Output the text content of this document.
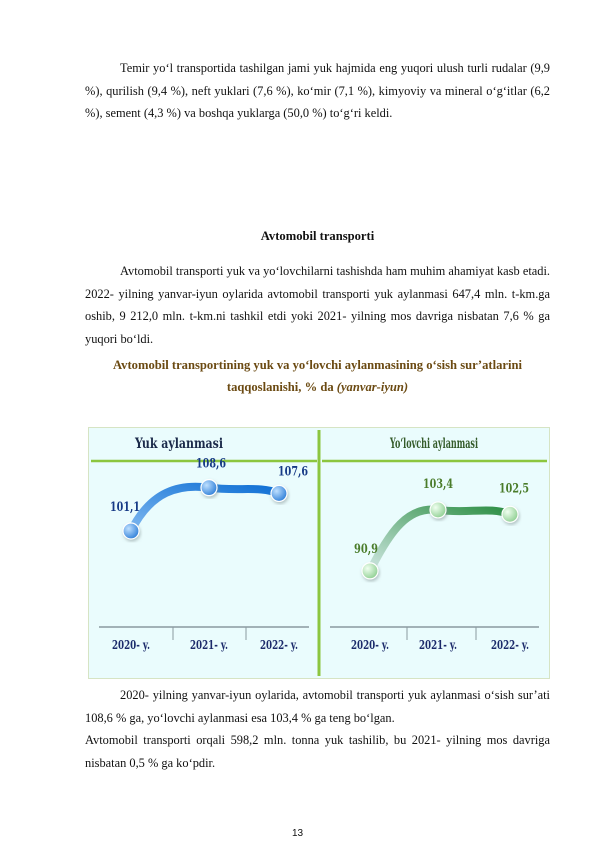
Temir yo‘l transportida tashilgan jami yuk hajmida eng yuqori ulush turli rudalar (9,9 %), qurilish (9,4 %), neft yuklari (7,6 %), ko‘mir (7,1 %), kimyoviy va mineral o‘g‘itlar (6,2 %), sement (4,3 %) va boshqa yuklarga (50,0 %) to‘g‘ri keldi.
Avtomobil transporti
Avtomobil transporti yuk va yo‘lovchilarni tashishda ham muhim ahamiyat kasb etadi. 2022- yilning yanvar-iyun oylarida avtomobil transporti yuk aylanmasi 647,4 mln. t-km.ga oshib, 9 212,0 mln. t-km.ni tashkil etdi yoki 2021- yilning mos davriga nisbatan 7,6 % ga yuqori bo‘ldi.
Avtomobil transportining yuk va yo‘lovchi aylanmasining o‘sish sur’atlarini
taqqoslanishi, % da (yanvar-iyun)
Yuk aylanmasi
101,1
2020- y.
108,6
2021- y.
107,6
2022- y.
Yo‘lovchi aylanmasi
90,9
2020- y.
103,4
2021- y.
102,5
2022- y.
2020- yilning yanvar-iyun oylarida, avtomobil transporti yuk aylanmasi o‘sish sur’ati 108,6 % ga, yo‘lovchi aylanmasi esa 103,4 % ga teng bo‘lgan.
Avtomobil transporti orqali 598,2 mln. tonna yuk tashilib, bu 2021- yilning mos davriga nisbatan 0,5 % ga ko‘pdir.
13
